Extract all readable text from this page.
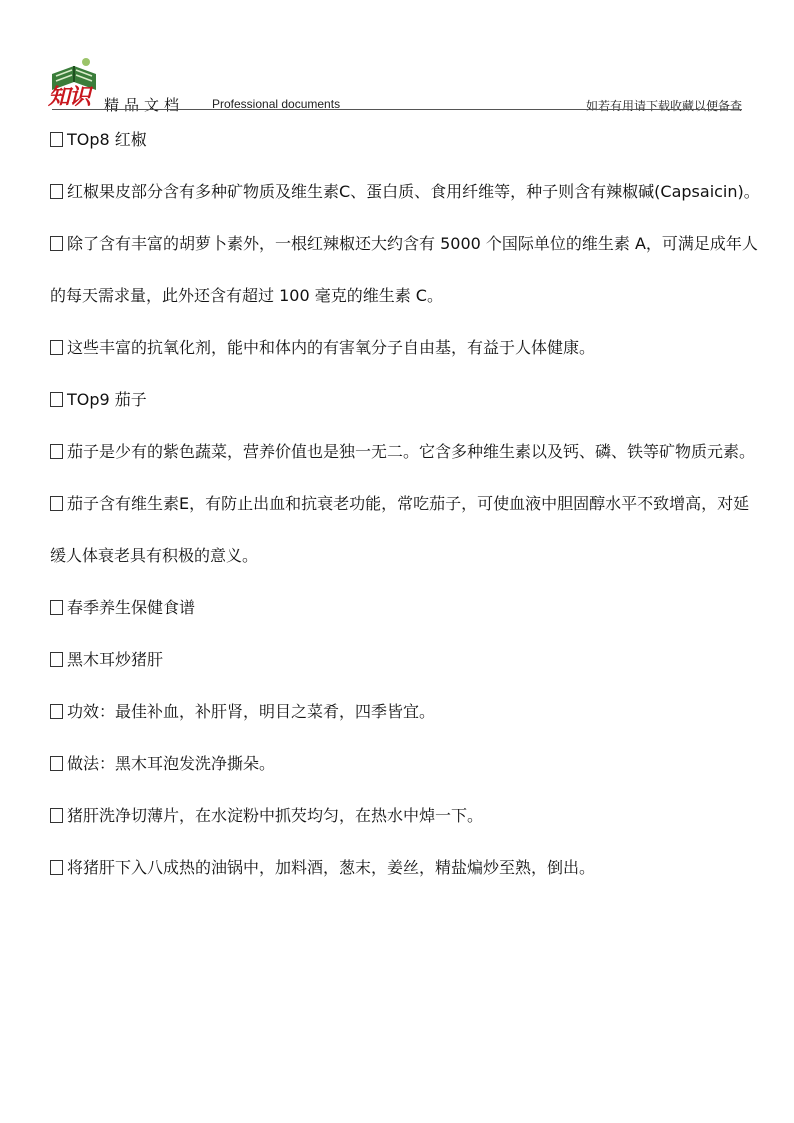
知识 精品文档 Professional documents	如若有用请下载收藏以便备查

TOp8 红椒

红椒果皮部分含有多种矿物质及维生素C、蛋白质、食用纤维等，种子则含有辣椒碱(Capsaicin)。

除了含有丰富的胡萝卜素外，一根红辣椒还大约含有 5000 个国际单位的维生素 A，可满足成年人的每天需求量，此外还含有超过 100 毫克的维生素 C。

这些丰富的抗氧化剂，能中和体内的有害氧分子自由基，有益于人体健康。

TOp9 茄子

茄子是少有的紫色蔬菜，营养价值也是独一无二。它含多种维生素以及钙、磷、铁等矿物质元素。

茄子含有维生素E，有防止出血和抗衰老功能，常吃茄子，可使血液中胆固醇水平不致增高，对延缓人体衰老具有积极的意义。

春季养生保健食谱

黑木耳炒猪肝

功效：最佳补血，补肝肾，明目之菜肴，四季皆宜。

做法：黑木耳泡发洗净撕朵。

猪肝洗净切薄片，在水淀粉中抓芡均匀，在热水中焯一下。

将猪肝下入八成热的油锅中，加料酒，葱末，姜丝，精盐煸炒至熟，倒出。
